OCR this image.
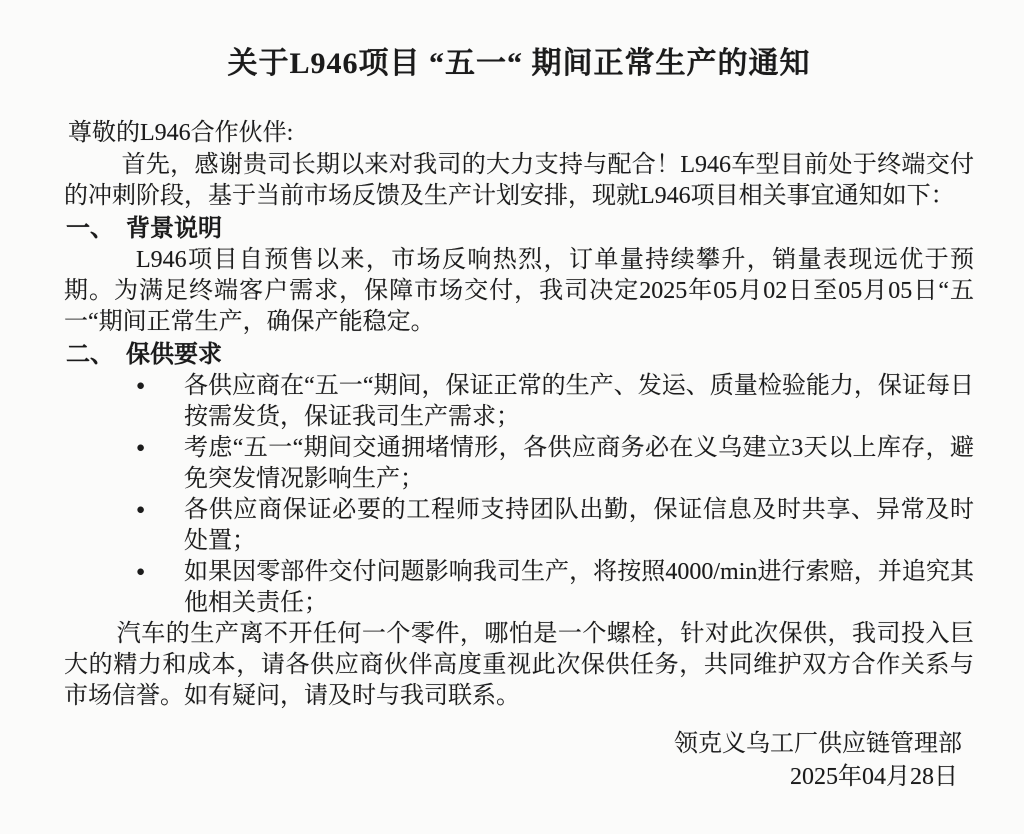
关于L946项目 “五一“ 期间正常生产的通知
尊敬的L946合作伙伴:

首先，感谢贵司长期以来对我司的大力支持与配合！L946车型目前处于终端交付的冲刺阶段，基于当前市场反馈及生产计划安排，现就L946项目相关事宜通知如下：

一、　背景说明

L946项目自预售以来，市场反响热烈，订单量持续攀升，销量表现远优于预期。为满足终端客户需求，保障市场交付，我司决定2025年05月02日至05月05日“五一“期间正常生产，确保产能稳定。

二、　保供要求
●	各供应商在“五一“期间，保证正常的生产、发运、质量检验能力，保证每日按需发货，保证我司生产需求；
●	考虑“五一“期间交通拥堵情形，各供应商务必在义乌建立3天以上库存，避免突发情况影响生产；
●	各供应商保证必要的工程师支持团队出勤，保证信息及时共享、异常及时处置；
●	如果因零部件交付问题影响我司生产，将按照4000/min进行索赔，并追究其他相关责任；

汽车的生产离不开任何一个零件，哪怕是一个螺栓，针对此次保供，我司投入巨大的精力和成本，请各供应商伙伴高度重视此次保供任务，共同维护双方合作关系与市场信誉。如有疑问，请及时与我司联系。

领克义乌工厂供应链管理部
2025年04月28日
